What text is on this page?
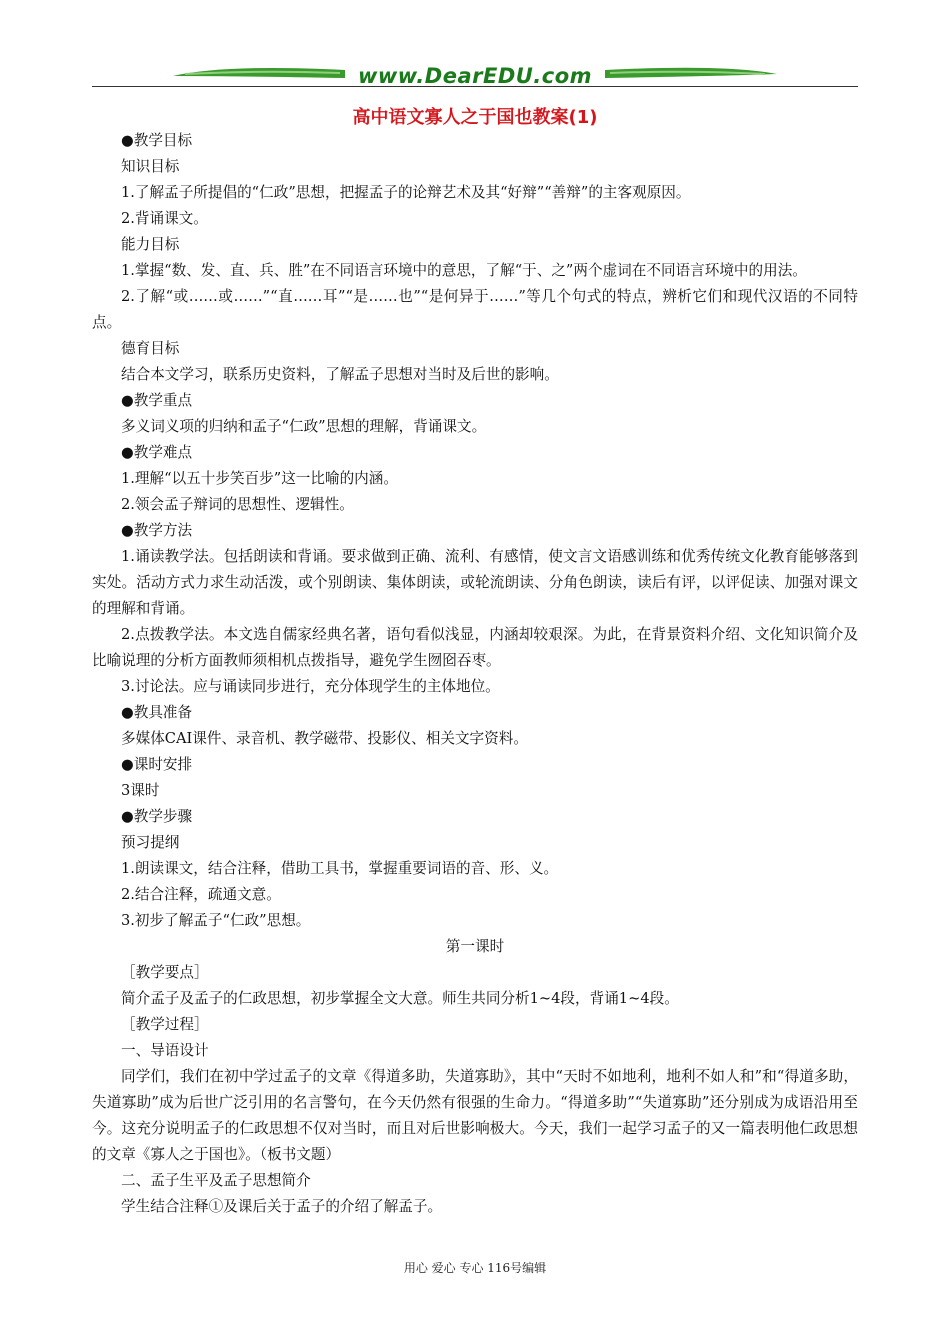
www.DearEDU.com
高中语文寡人之于国也教案(1)

●教学目标

知识目标

1.了解孟子所提倡的“仁政”思想，把握孟子的论辩艺术及其“好辩”“善辩”的主客观原因。

2.背诵课文。

能力目标

1.掌握“数、发、直、兵、胜”在不同语言环境中的意思，了解“于、之”两个虚词在不同语言环境中的用法。

2.了解“或……或……”“直……耳”“是……也”“是何异于……”等几个句式的特点，辨析它们和现代汉语的不同特点。

德育目标

结合本文学习，联系历史资料，了解孟子思想对当时及后世的影响。

●教学重点

多义词义项的归纳和孟子“仁政”思想的理解，背诵课文。

●教学难点

1.理解“以五十步笑百步”这一比喻的内涵。

2.领会孟子辩词的思想性、逻辑性。

●教学方法

1.诵读教学法。包括朗读和背诵。要求做到正确、流利、有感情，使文言文语感训练和优秀传统文化教育能够落到实处。活动方式力求生动活泼，或个别朗读、集体朗读，或轮流朗读、分角色朗读，读后有评，以评促读、加强对课文的理解和背诵。

2.点拨教学法。本文选自儒家经典名著，语句看似浅显，内涵却较艰深。为此，在背景资料介绍、文化知识简介及比喻说理的分析方面教师须相机点拨指导，避免学生囫囵吞枣。

3.讨论法。应与诵读同步进行，充分体现学生的主体地位。

●教具准备

多媒体CAI课件、录音机、教学磁带、投影仪、相关文字资料。

●课时安排

3课时

●教学步骤

预习提纲

1.朗读课文，结合注释，借助工具书，掌握重要词语的音、形、义。

2.结合注释，疏通文意。

3.初步了解孟子“仁政”思想。

第一课时

［教学要点］

简介孟子及孟子的仁政思想，初步掌握全文大意。师生共同分析1~4段，背诵1~4段。

［教学过程］

一、导语设计

同学们，我们在初中学过孟子的文章《得道多助，失道寡助》，其中“天时不如地利，地利不如人和”和“得道多助，失道寡助”成为后世广泛引用的名言警句，在今天仍然有很强的生命力。“得道多助”“失道寡助”还分别成为成语沿用至今。这充分说明孟子的仁政思想不仅对当时，而且对后世影响极大。今天，我们一起学习孟子的又一篇表明他仁政思想的文章《寡人之于国也》。（板书文题）

二、孟子生平及孟子思想简介

学生结合注释①及课后关于孟子的介绍了解孟子。

用心 爱心 专心 116号编辑
